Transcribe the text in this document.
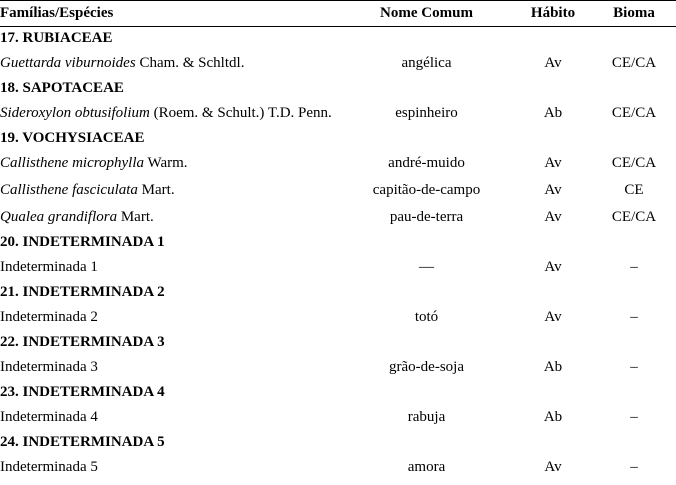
Famílias/Espécies	Nome Comum	Hábito	Bioma
17. RUBIACEAE			
Guettarda viburnoides Cham. & Schltdl.	angélica	Av	CE/CA
18. SAPOTACEAE			
Sideroxylon obtusifolium (Roem. & Schult.) T.D. Penn.	espinheiro	Ab	CE/CA
19. VOCHYSIACEAE			
Callisthene microphylla Warm.	andré-muido	Av	CE/CA
Callisthene fasciculata Mart.	capitão-de-campo	Av	CE
Qualea grandiflora Mart.	pau-de-terra	Av	CE/CA
20. INDETERMINADA 1			
Indeterminada 1	—	Av	–
21. INDETERMINADA 2			
Indeterminada 2	totó	Av	–
22. INDETERMINADA 3			
Indeterminada 3	grão-de-soja	Ab	–
23. INDETERMINADA 4			
Indeterminada 4	rabuja	Ab	–
24. INDETERMINADA 5			
Indeterminada 5	amora	Av	–
